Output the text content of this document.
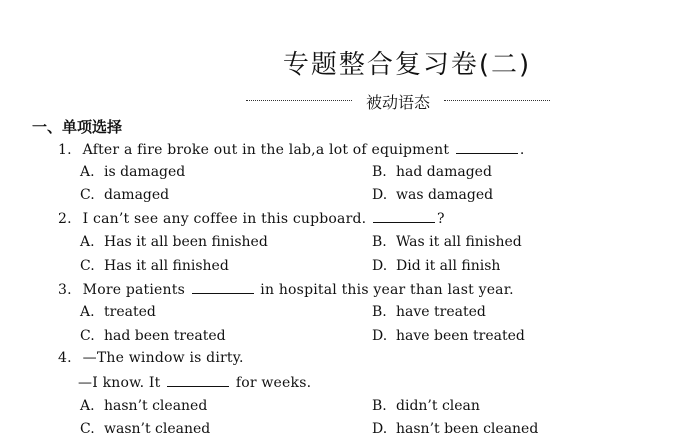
专题整合复习卷(二)
被动语态
一、单项选择
1. After a fire broke out in the lab,a lot of equipment	.
A. is damaged	B. had damaged
C. damaged	D. was damaged
2. I can’t see any coffee in this cupboard.	?
A. Has it all been finished	B. Was it all finished
C. Has it all finished	D. Did it all finish
3. More patients	in hospital this year than last year.
A. treated	B. have treated
C. had been treated	D. have been treated
4. —The window is dirty.
—I know. It	for weeks.
A. hasn’t cleaned	B. didn’t clean
C. wasn’t cleaned	D. hasn’t been cleaned
